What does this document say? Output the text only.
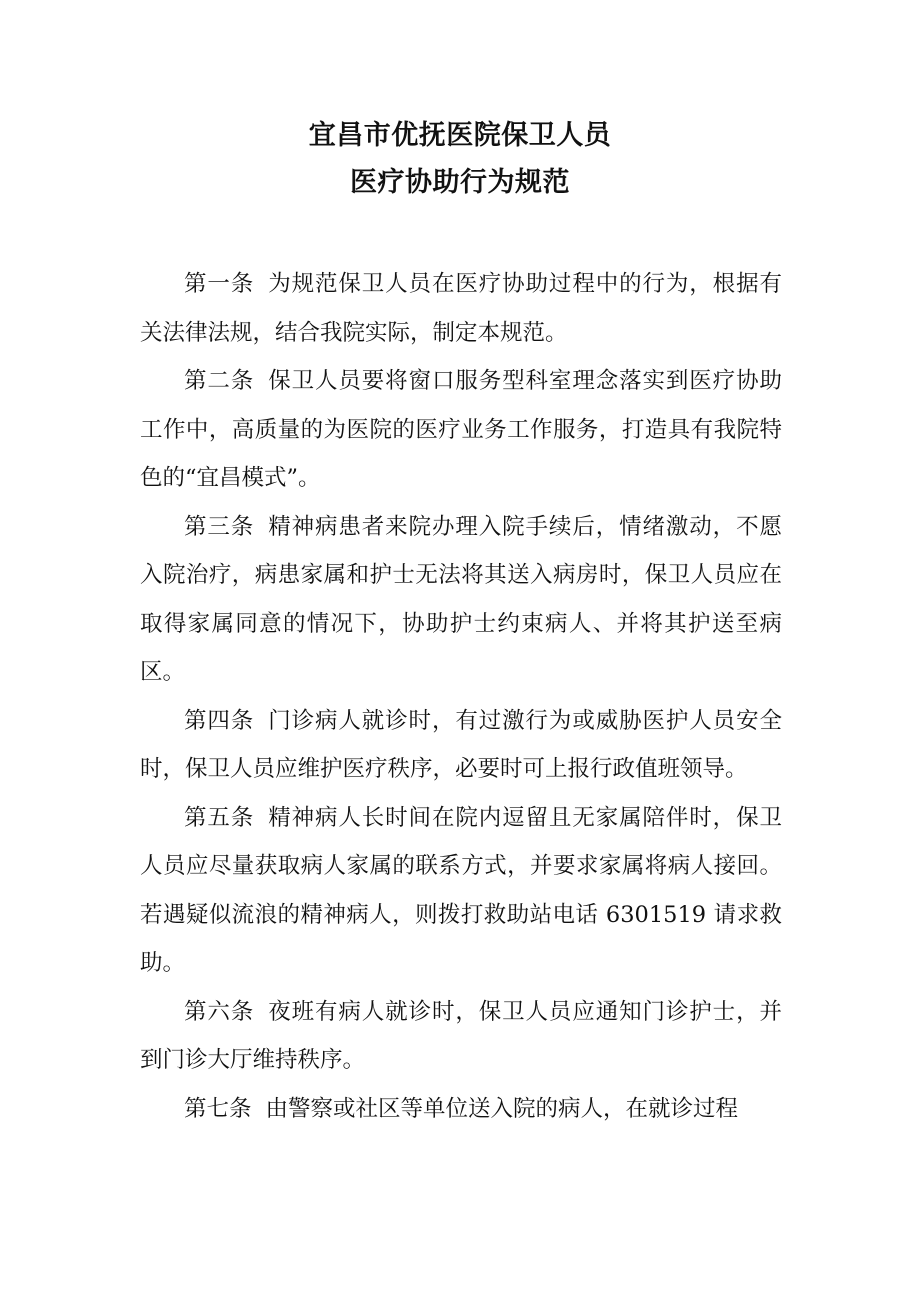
宜昌市优抚医院保卫人员
医疗协助行为规范

第一条 为规范保卫人员在医疗协助过程中的行为，根据有关法律法规，结合我院实际，制定本规范。

第二条 保卫人员要将窗口服务型科室理念落实到医疗协助工作中，高质量的为医院的医疗业务工作服务，打造具有我院特色的“宜昌模式”。

第三条 精神病患者来院办理入院手续后，情绪激动，不愿入院治疗，病患家属和护士无法将其送入病房时，保卫人员应在取得家属同意的情况下，协助护士约束病人、并将其护送至病区。

第四条 门诊病人就诊时，有过激行为或威胁医护人员安全时，保卫人员应维护医疗秩序，必要时可上报行政值班领导。

第五条 精神病人长时间在院内逗留且无家属陪伴时，保卫人员应尽量获取病人家属的联系方式，并要求家属将病人接回。若遇疑似流浪的精神病人，则拨打救助站电话 6301519 请求救助。

第六条 夜班有病人就诊时，保卫人员应通知门诊护士，并到门诊大厅维持秩序。

第七条 由警察或社区等单位送入院的病人，在就诊过程
